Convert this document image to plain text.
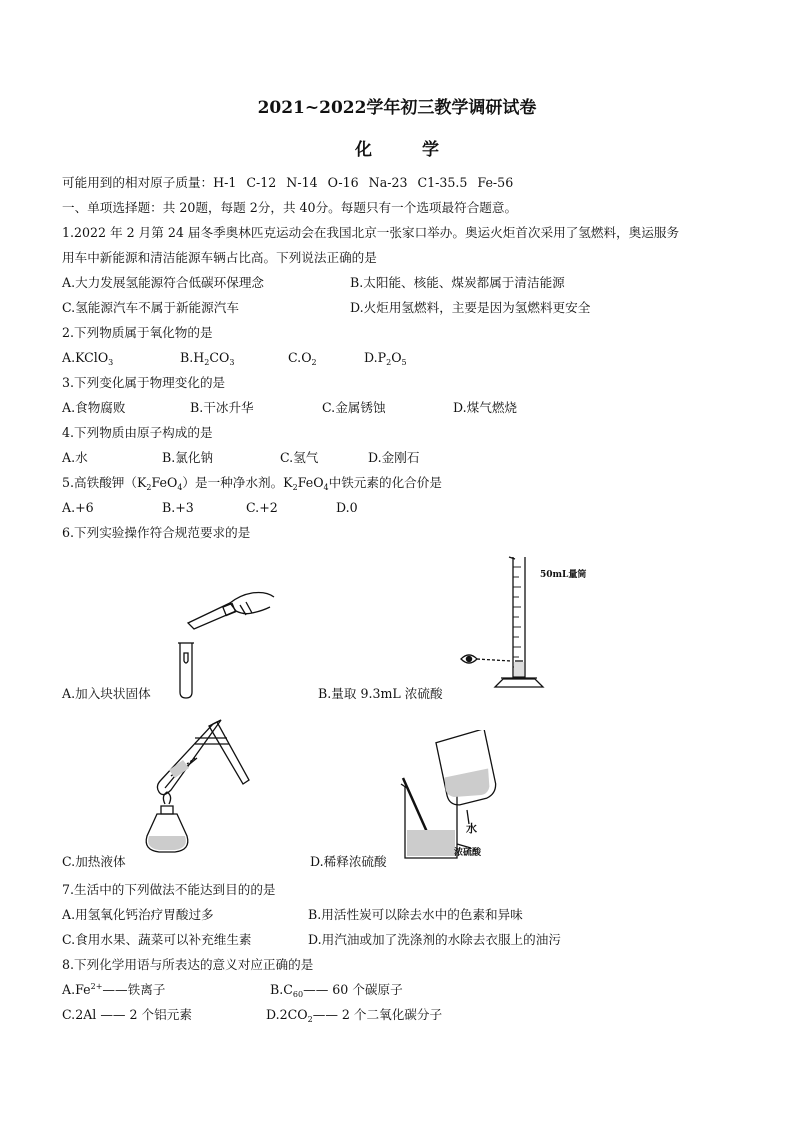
2021~2022学年初三教学调研试卷
化 学
可能用到的相对原子质量：H-1 C-12 N-14 O-16 Na-23 C1-35.5 Fe-56
一、单项选择题：共 20题，每题 2分，共 40分。每题只有一个选项最符合题意。
1.2022 年 2 月第 24 届冬季奥林匹克运动会在我国北京一张家口举办。奥运火炬首次采用了氢燃料，奥运服务
用车中新能源和清洁能源车辆占比高。下列说法正确的是
A.大力发展氢能源符合低碳环保理念	B.太阳能、核能、煤炭都属于清洁能源
C.氢能源汽车不属于新能源汽车	D.火炬用氢燃料，主要是因为氢燃料更安全
2.下列物质属于氧化物的是
A.KClO$_3$	$B.H_2CO_3$	$C.O_2$	$D.P_2O_5$
3.下列变化属于物理变化的是
A.食物腐败	B.干冰升华	C.金属锈蚀	D.煤气燃烧
4.下列物质由原子构成的是
A.水	B.氯化钠	C.氢气	D.金刚石
5.高铁酸钾$(K_2FeO_4)$是一种净水剂。$K_2FeO_4$中铁元素的化合价是
A.+6	B.+3	C.+2	D.0
6.下列实验操作符合规范要求的是
A.加入块状固体
50mL量筒
B.量取 9.3mL 浓硫酸
C.加热液体
水
浓硫酸
D.稀释浓硫酸
7.生活中的下列做法不能达到目的的是
A.用氢氧化钙治疗胃酸过多	B.用活性炭可以除去水中的色素和异味
C.食用水果、蔬菜可以补充维生素	D.用汽油或加了洗涤剂的水除去衣服上的油污
8.下列化学用语与所表达的意义对应正确的是
$A.Fe^{2+}——$铁离子	$B.C_{60}——$ 60 个碳原子
C.2Al —— 2 个铝元素	$D.2CO_2——$ 2 个二氧化碳分子
